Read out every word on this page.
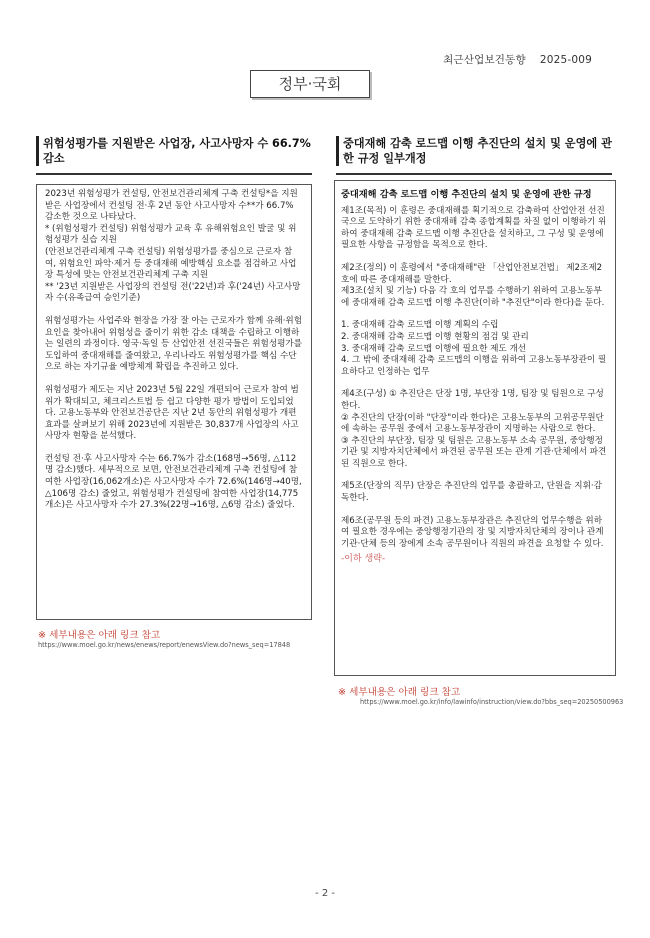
최근산업보건동향 2025-009
정부·국회
위험성평가를 지원받은 사업장, 사고사망자 수 66.7% 감소
중대재해 감축 로드맵 이행 추진단의 설치 및 운영에 관한 규정 일부개정

2023년 위험성평가 컨설팅, 안전보건관리체계 구축 컨설팅*을 지원받은 사업장에서 컨설팅 전·후 2년 동안 사고사망자 수**가 66.7% 감소한 것으로 나타났다.

* (위험성평가 컨설팅) 위험성평가 교육 후 유해위험요인 발굴 및 위험성평가 실습 지원

(안전보건관리체계 구축 컨설팅) 위험성평가를 중심으로 근로자 참여, 위험요인 파악·제거 등 중대재해 예방핵심 요소를 점검하고 사업장 특성에 맞는 안전보건관리체계 구축 지원

** '23년 지원받은 사업장의 컨설팅 전('22년)과 후('24년) 사고사망자 수(유족급여 승인기준)

위험성평가는 사업주와 현장을 가장 잘 아는 근로자가 함께 유해·위험요인을 찾아내어 위험성을 줄이기 위한 감소 대책을 수립하고 이행하는 일련의 과정이다. 영국·독일 등 산업안전 선진국들은 위험성평가를 도입하여 중대재해를 줄여왔고, 우리나라도 위험성평가를 핵심 수단으로 하는 자기규율 예방체계 확립을 추진하고 있다.

위험성평가 제도는 지난 2023년 5월 22일 개편되어 근로자 참여 범위가 확대되고, 체크리스트법 등 쉽고 다양한 평가 방법이 도입되었다. 고용노동부와 안전보건공단은 지난 2년 동안의 위험성평가 개편 효과를 살펴보기 위해 2023년에 지원받은 30,837개 사업장의 사고사망자 현황을 분석했다.

컨설팅 전·후 사고사망자 수는 66.7%가 감소(168명→56명, △112명 감소)했다. 세부적으로 보면, 안전보건관리체계 구축 컨설팅에 참여한 사업장(16,062개소)은 사고사망자 수가 72.6%(146명→40명, △106명 감소) 줄었고, 위험성평가 컨설팅에 참여한 사업장(14,775개소)은 사고사망자 수가 27.3%(22명→16명, △6명 감소) 줄었다.

※ 세부내용은 아래 링크 참고
https://www.moel.go.kr/news/enews/report/enewsView.do?news_seq=17848
중대재해 감축 로드맵 이행 추진단의 설치 및 운영에 관한 규정

제1조(목적) 이 훈령은 중대재해를 획기적으로 감축하여 산업안전 선진국으로 도약하기 위한 중대재해 감축 종합계획를 차질 없이 이행하기 위하여 중대재해 감축 로드맵 이행 추진단을 설치하고, 그 구성 및 운영에 필요한 사항을 규정함을 목적으로 한다.

제2조(정의) 이 훈령에서 "중대재해"란 「산업안전보건법」 제2조제2호에 따른 중대재해를 말한다.

제3조(설치 및 기능) 다음 각 호의 업무를 수행하기 위하여 고용노동부에 중대재해 감축 로드맵 이행 추진단(이하 "추진단"이라 한다)을 둔다.

1. 중대재해 감축 로드맵 이행 계획의 수립

2. 중대재해 감축 로드맵 이행 현황의 점검 및 관리

3. 중대재해 감축 로드맵 이행에 필요한 제도 개선

4. 그 밖에 중대재해 감축 로드맵의 이행을 위하여 고용노동부장관이 필요하다고 인정하는 업무

제4조(구성) ① 추진단은 단장 1명, 부단장 1명, 팀장 및 팀원으로 구성한다.

② 추진단의 단장(이하 "단장"이라 한다)은 고용노동부의 고위공무원단에 속하는 공무원 중에서 고용노동부장관이 지명하는 사람으로 한다.

③ 추진단의 부단장, 팀장 및 팀원은 고용노동부 소속 공무원, 중앙행정기관 및 지방자치단체에서 파견된 공무원 또는 관계 기관·단체에서 파견된 직원으로 한다.

제5조(단장의 직무) 단장은 추진단의 업무를 총괄하고, 단원을 지휘·감독한다.

제6조(공무원 등의 파견) 고용노동부장관은 추진단의 업무수행을 위하여 필요한 경우에는 중앙행정기관의 장 및 지방자치단체의 장이나 관계 기관·단체 등의 장에게 소속 공무원이나 직원의 파견을 요청할 수 있다.

-이하 생략-
※ 세부내용은 아래 링크 참고
https://www.moel.go.kr/info/lawinfo/instruction/view.do?bbs_seq=20250500963
- 2 -
